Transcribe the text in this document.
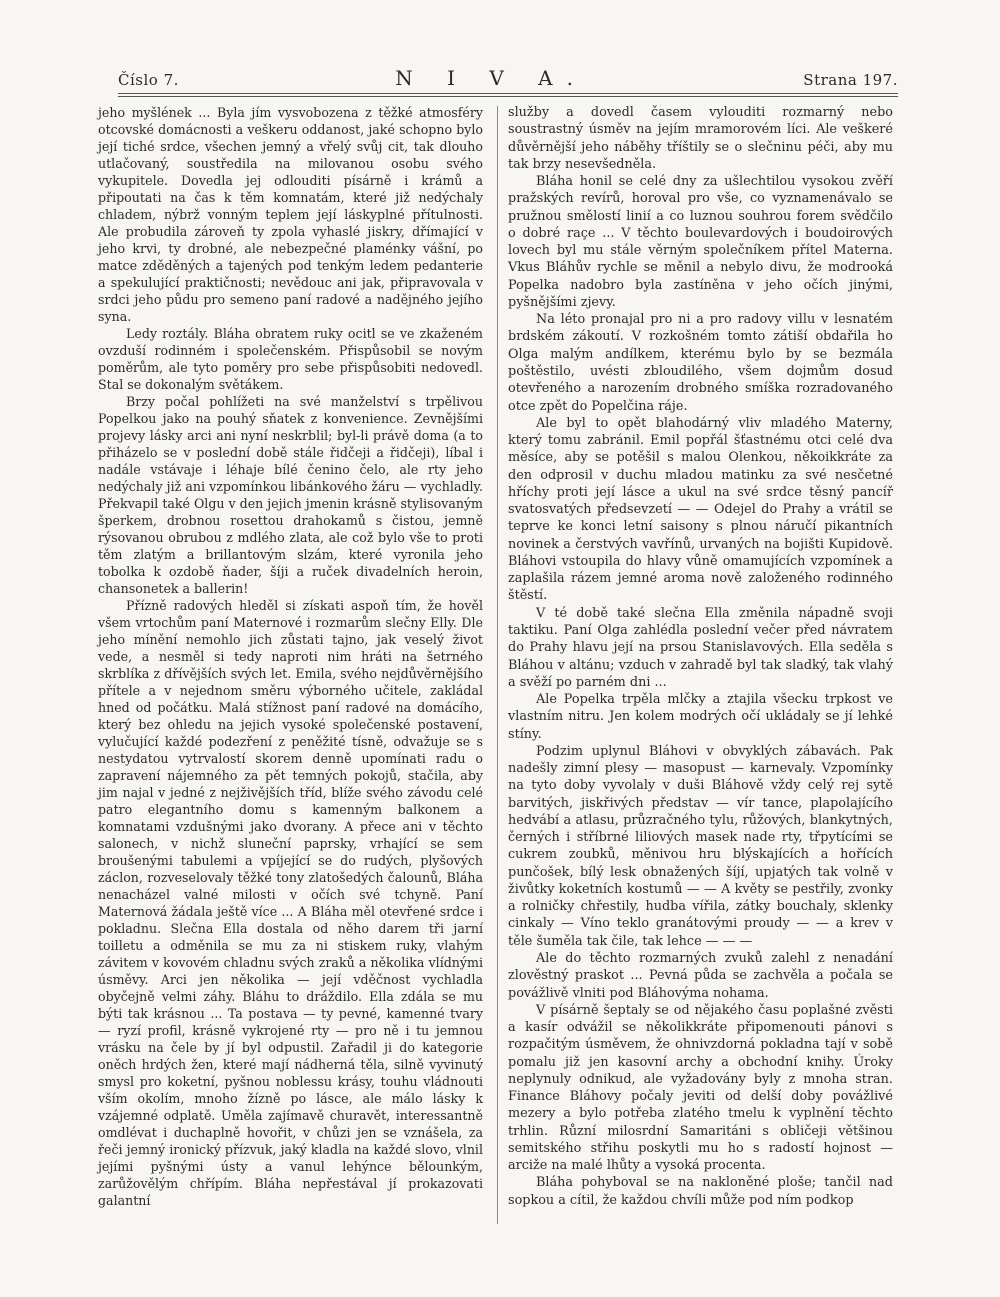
Číslo 7.	N I V A.	Strana 197.

jeho myšlének ... Byla jím vysvobozena z těžké atmosféry otcovské domácnosti a veškeru oddanost, jaké schopno bylo její tiché srdce, všechen jemný a vřelý svůj cit, tak dlouho utlačovaný, soustředila na milovanou osobu svého vykupitele. Dovedla jej odlouditi písárně i krámů a připoutati na čas k těm komnatám, které již nedýchaly chladem, nýbrž vonným teplem její láskyplné přítulnosti. Ale probudila zároveň ty zpola vyhaslé jiskry, dřímající v jeho krvi, ty drobné, ale nebezpečné plaménky vášní, po matce zděděných a tajených pod tenkým ledem pedanterie a spekulující praktičnosti; nevědouc ani jak, připravovala v srdci jeho půdu pro semeno paní radové a nadějného jejího syna.

Ledy roztály. Bláha obratem ruky ocitl se ve zkaženém ovzduší rodinném i společenském. Přispůsobil se novým poměrům, ale tyto poměry pro sebe přispůsobiti nedovedl. Stal se dokonalým světákem.

Brzy počal pohlížeti na své manželství s trpělivou Popelkou jako na pouhý sňatek z konvenience. Zevnějšími projevy lásky arci ani nyní neskrblil; byl-li právě doma (a to přiházelo se v poslední době stále řidčeji a řidčeji), líbal i nadále vstávaje i léhaje bílé čenino čelo, ale rty jeho nedýchaly již ani vzpomínkou libánkového žáru — vychladly. Překvapil také Olgu v den jejich jmenin krásně stylisovaným šperkem, drobnou rosettou drahokamů s čistou, jemně rýsovanou obrubou z mdlého zlata, ale což bylo vše to proti těm zlatým a brillantovým slzám, které vyronila jeho tobolka k ozdobě ňader, šíji a ruček divadelních heroin, chansonetek a ballerin!

Přízně radových hleděl si získati aspoň tím, že hověl všem vrtochům paní Maternové i rozmarům slečny Elly. Dle jeho mínění nemohlo jich zůstati tajno, jak veselý život vede, a nesměl si tedy naproti nim hráti na šetrného skrblíka z dřívějších svých let. Emila, svého nejdůvěrnějšího přítele a v nejednom směru výborného učitele, zakládal hned od počátku. Malá stížnost paní radové na domácího, který bez ohledu na jejich vysoké společenské postavení, vylučující každé podezření z peněžité tísně, odvažuje se s nestydatou vytrvalostí skorem denně upomínati radu o zapravení nájemného za pět temných pokojů, stačila, aby jim najal v jedné z nejživějších tříd, blíže svého závodu celé patro elegantního domu s kamenným balkonem a komnatami vzdušnými jako dvorany. A přece ani v těchto salonech, v nichž sluneční paprsky, vrhající se sem broušenými tabulemi a vpíjející se do rudých, plyšových záclon, rozveselovaly těžké tony zlatošedých čalounů, Bláha nenacházel valné milosti v očích své tchyně. Paní Maternová žádala ještě více ... A Bláha měl otevřené srdce i pokladnu. Slečna Ella dostala od něho darem tři jarní toilletu a odměnila se mu za ni stiskem ruky, vlahým závitem v kovovém chladnu svých zraků a několika vlídnými úsměvy. Arci jen několika — její vděčnost vychladla obyčejně velmi záhy. Bláhu to dráždilo. Ella zdála se mu býti tak krásnou ... Ta postava — ty pevné, kamenné tvary — ryzí profil, krásně vykrojené rty — pro ně i tu jemnou vrásku na čele by jí byl odpustil. Zařadil ji do kategorie oněch hrdých žen, které mají nádherná těla, silně vyvinutý smysl pro koketní, pyšnou noblessu krásy, touhu vládnouti vším okolím, mnoho žízně po lásce, ale málo lásky k vzájemné odplatě. Uměla zajímavě churavět, interessantně omdlévat i duchaplně hovořit, v chůzi jen se vznášela, za řeči jemný ironický přízvuk, jaký kladla na každé slovo, vlnil jejími pyšnými ústy a vanul lehýnce bělounkým, zarůžovělým chřípím. Bláha nepřestával jí prokazovati galantní

služby a dovedl časem vylouditi rozmarný nebo soustrastný úsměv na jejím mramorovém líci. Ale veškeré důvěrnější jeho náběhy tříštily se o slečninu péči, aby mu tak brzy nesevšedněla.

Bláha honil se celé dny za ušlechtilou vysokou zvěří pražských revírů, horoval pro vše, co vyznamenávalo se pružnou smělostí linií a co luznou souhrou forem svědčilo o dobré raçe ... V těchto boulevardových i boudoirových lovech byl mu stále věrným společníkem přítel Materna. Vkus Bláhův rychle se měnil a nebylo divu, že modrooká Popelka nadobro byla zastíněna v jeho očích jinými, pyšnějšími zjevy.

Na léto pronajal pro ni a pro radovy villu v lesnatém brdském zákoutí. V rozkošném tomto zátiší obdařila ho Olga malým andílkem, kterému bylo by se bezmála poštěstilo, uvésti zbloudilého, všem dojmům dosud otevřeného a narozením drobného smíška rozradovaného otce zpět do Popelčina ráje.

Ale byl to opět blahodárný vliv mladého Materny, který tomu zabránil. Emil popřál šťastnému otci celé dva měsíce, aby se potěšil s malou Olenkou, někoikkráte za den odprosil v duchu mladou matinku za své nesčetné hříchy proti její lásce a ukul na své srdce těsný pancíř svatosvatých předsevzetí — — Odejel do Prahy a vrátil se teprve ke konci letní saisony s plnou náručí pikantních novinek a čerstvých vavřínů, urvaných na bojišti Kupidově. Bláhovi vstoupila do hlavy vůně omamujících vzpomínek a zaplašila rázem jemné aroma nově založeného rodinného štěstí.

V té době také slečna Ella změnila nápadně svoji taktiku. Paní Olga zahlédla poslední večer před návratem do Prahy hlavu její na prsou Stanislavových. Ella seděla s Bláhou v altánu; vzduch v zahradě byl tak sladký, tak vlahý a svěží po parném dni ...

Ale Popelka trpěla mlčky a ztajila všecku trpkost ve vlastním nitru. Jen kolem modrých očí ukládaly se jí lehké stíny.

Podzim uplynul Bláhovi v obvyklých zábavách. Pak nadešly zimní plesy — masopust — karnevaly. Vzpomínky na tyto doby vyvolaly v duši Bláhově vždy celý rej sytě barvitých, jiskřivých představ — vír tance, plapolajícího hedvábí a atlasu, průzračného tylu, růžových, blankytných, černých i stříbrné liliových masek nade rty, třpytícími se cukrem zoubků, měnivou hru blýskajících a hořících punčošek, bílý lesk obnažených šíjí, upjatých tak volně v živůtky koketních kostumů — — A květy se pestřily, zvonky a rolničky chřestily, hudba vířila, zátky bouchaly, sklenky cinkaly — Víno teklo granátovými proudy — — a krev v těle šuměla tak čile, tak lehce — — —

Ale do těchto rozmarných zvuků zalehl z nenadání zlověstný praskot ... Pevná půda se zachvěla a počala se povážlivě vlniti pod Bláhovýma nohama.

V písárně šeptaly se od nějakého času poplašné zvěsti a kasír odvážil se několikkráte připomenouti pánovi s rozpačitým úsměvem, že ohnivzdorná pokladna tají v sobě pomalu již jen kasovní archy a obchodní knihy. Úroky neplynuly odnikud, ale vyžadovány byly z mnoha stran. Finance Bláhovy počaly jeviti od delší doby povážlivé mezery a bylo potřeba zlatého tmelu k vyplnění těchto trhlin. Různí milosrdní Samaritáni s obličeji většinou semitského střihu poskytli mu ho s radostí hojnost — arciže na malé lhůty a vysoká procenta.

Bláha pohyboval se na nakloněné ploše; tančil nad sopkou a cítil, že každou chvíli může pod ním podkop
